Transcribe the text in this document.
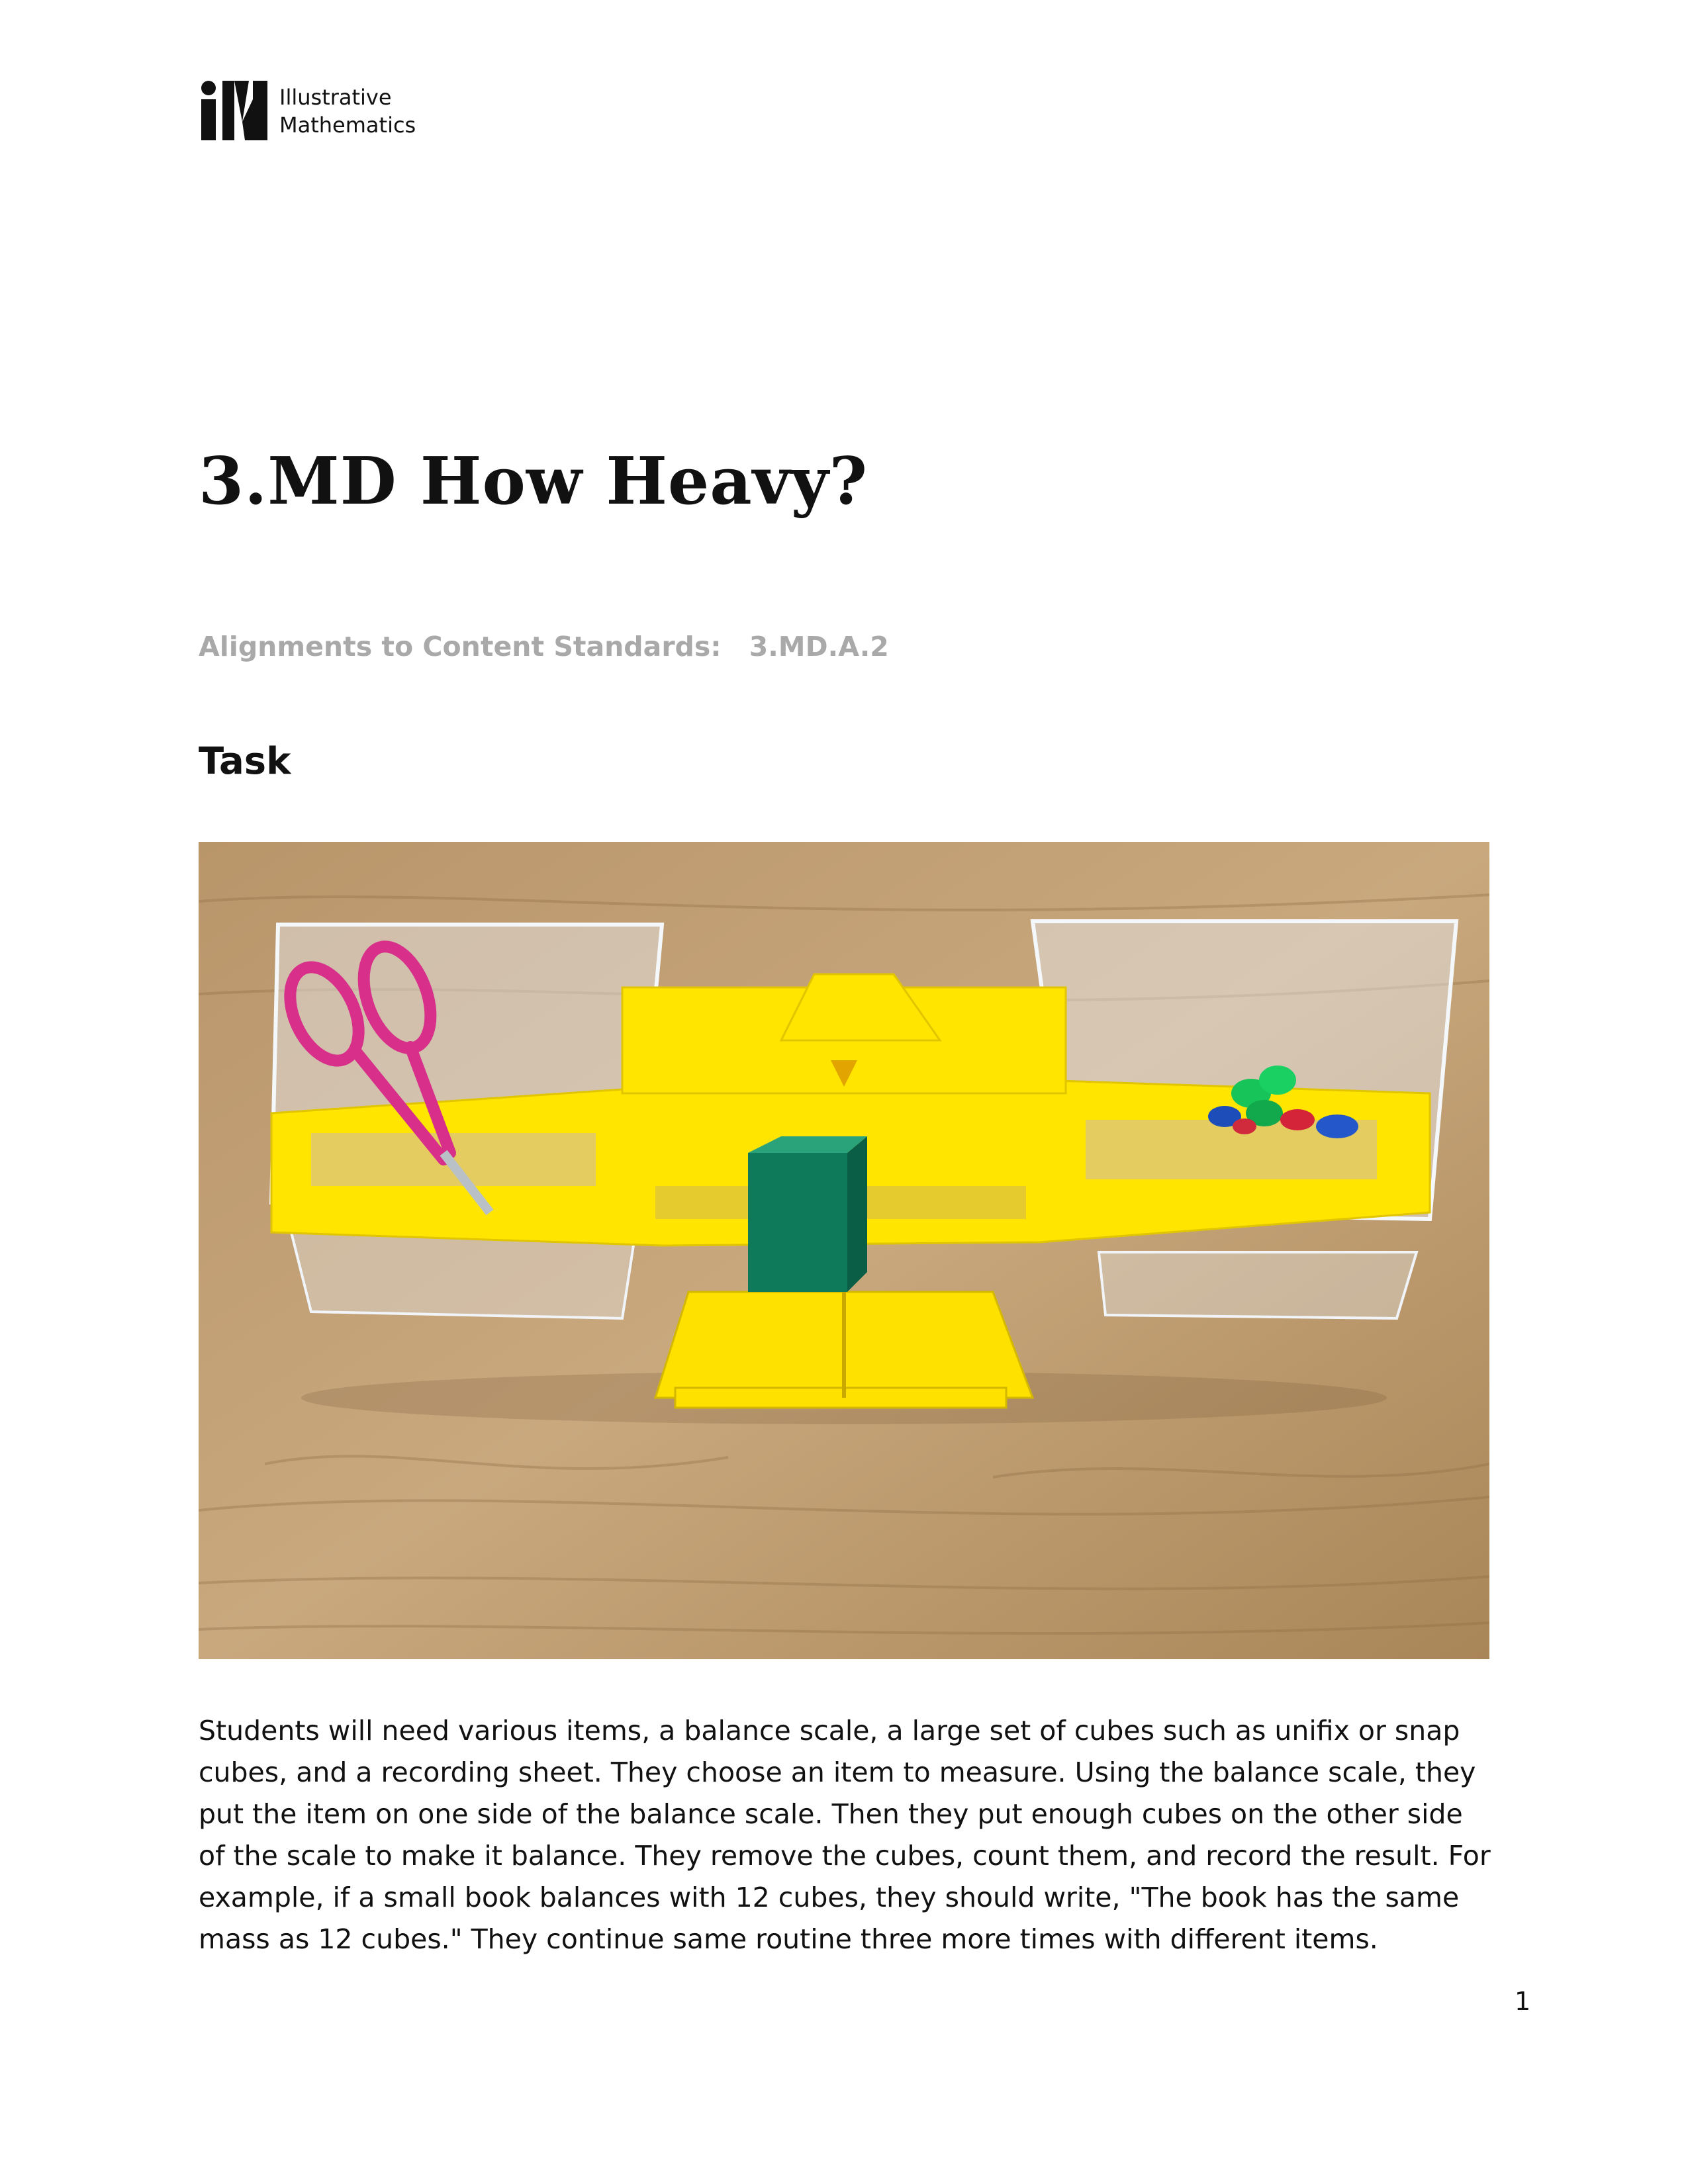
Illustrative
Mathematics
3.MD How Heavy?
Alignments to Content Standards: 3.MD.A.2
Task

Students will need various items, a balance scale, a large set of cubes such as unifix or snap cubes, and a recording sheet. They choose an item to measure. Using the balance scale, they put the item on one side of the balance scale. Then they put enough cubes on the other side of the scale to make it balance. They remove the cubes, count them, and record the result. For example, if a small book balances with 12 cubes, they should write, "The book has the same mass as 12 cubes." They continue same routine three more times with different items.

1
